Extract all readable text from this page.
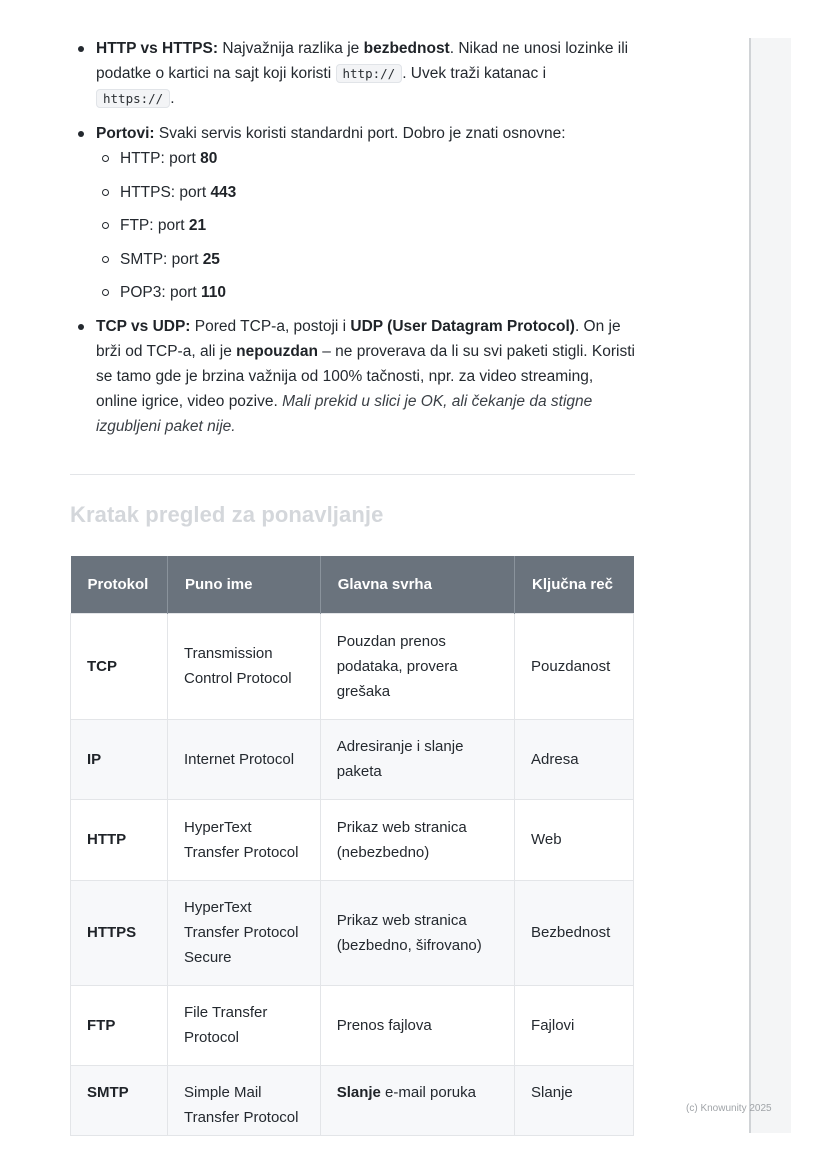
HTTP vs HTTPS: Najvažnija razlika je bezbednost. Nikad ne unosi lozinke ili podatke o kartici na sajt koji koristi http:// . Uvek traži katanac i
https:// .
Portovi: Svaki servis koristi standardni port. Dobro je znati osnovne:
HTTP: port 80
HTTPS: port 443
FTP: port 21
SMTP: port 25
POP3: port 110
TCP vs UDP: Pored TCP-a, postoji i UDP (User Datagram Protocol). On je brži od TCP-a, ali je nepouzdan – ne proverava da li su svi paketi stigli. Koristi se tamo gde je brzina važnija od 100% tačnosti, npr. za video streaming, online igrice, video pozive. Mali prekid u slici je OK, ali čekanje da stigne izgubljeni paket nije.
Kratak pregled za ponavljanje
Protokol	Puno ime	Glavna svrha	Ključna reč
TCP	Transmission Control Protocol	Pouzdan prenos podataka, provera grešaka	Pouzdanost
IP	Internet Protocol	Adresiranje i slanje paketa	Adresa
HTTP	HyperText Transfer Protocol	Prikaz web stranica (nebezbedno)	Web
HTTPS	HyperText Transfer Protocol Secure	Prikaz web stranica (bezbedno, šifrovano)	Bezbednost
FTP	File Transfer Protocol	Prenos fajlova	Fajlovi
SMTP	Simple Mail Transfer Protocol	Slanje e-mail poruka	Slanje
(c) Knowunity 2025
